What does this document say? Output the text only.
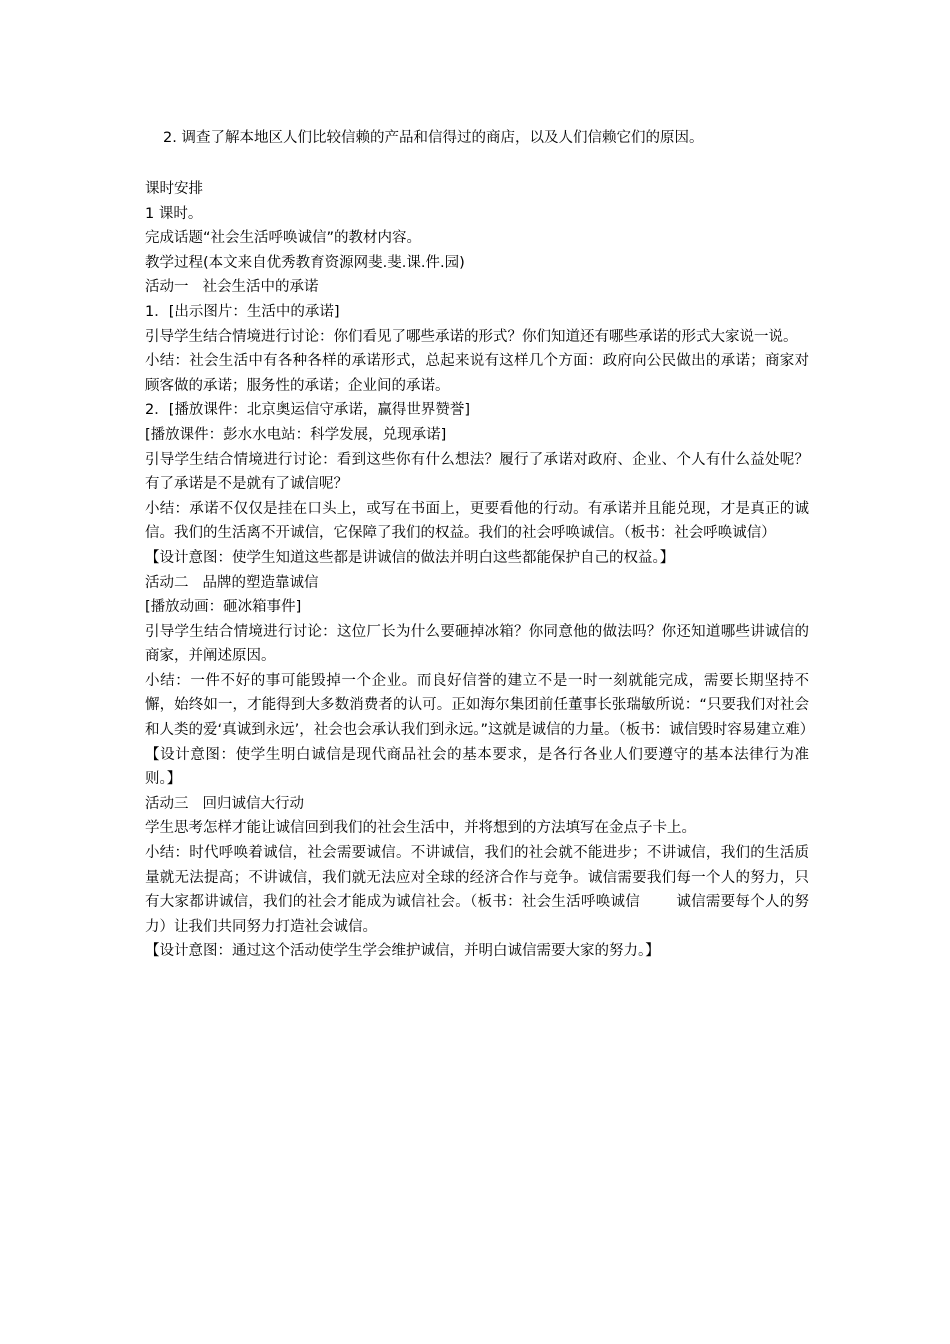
2. 调查了解本地区人们比较信赖的产品和信得过的商店，以及人们信赖它们的原因。

课时安排

1 课时。

完成话题“社会生活呼唤诚信”的教材内容。

教学过程(本文来自优秀教育资源网斐.斐.课.件.园)

活动一 社会生活中的承诺

1．[出示图片：生活中的承诺]

引导学生结合情境进行讨论：你们看见了哪些承诺的形式？你们知道还有哪些承诺的形式大家说一说。

小结：社会生活中有各种各样的承诺形式，总起来说有这样几个方面：政府向公民做出的承诺；商家对顾客做的承诺；服务性的承诺；企业间的承诺。

2．[播放课件：北京奥运信守承诺，赢得世界赞誉]

[播放课件：彭水水电站：科学发展，兑现承诺]

引导学生结合情境进行讨论：看到这些你有什么想法？履行了承诺对政府、企业、个人有什么益处呢？有了承诺是不是就有了诚信呢？

小结：承诺不仅仅是挂在口头上，或写在书面上，更要看他的行动。有承诺并且能兑现，才是真正的诚信。我们的生活离不开诚信，它保障了我们的权益。我们的社会呼唤诚信。（板书：社会呼唤诚信）

【设计意图：使学生知道这些都是讲诚信的做法并明白这些都能保护自己的权益。】

活动二 品牌的塑造靠诚信

[播放动画：砸冰箱事件]

引导学生结合情境进行讨论：这位厂长为什么要砸掉冰箱？你同意他的做法吗？你还知道哪些讲诚信的商家，并阐述原因。

小结：一件不好的事可能毁掉一个企业。而良好信誉的建立不是一时一刻就能完成，需要长期坚持不懈，始终如一，才能得到大多数消费者的认可。正如海尔集团前任董事长张瑞敏所说：“只要我们对社会和人类的爱‘真诚到永远’，社会也会承认我们到永远。”这就是诚信的力量。（板书：诚信毁时容易建立难）

【设计意图：使学生明白诚信是现代商品社会的基本要求，是各行各业人们要遵守的基本法律行为准则。】

活动三 回归诚信大行动

学生思考怎样才能让诚信回到我们的社会生活中，并将想到的方法填写在金点子卡上。

小结：时代呼唤着诚信，社会需要诚信。不讲诚信，我们的社会就不能进步；不讲诚信，我们的生活质量就无法提高；不讲诚信，我们就无法应对全球的经济合作与竞争。诚信需要我们每一个人的努力，只有大家都讲诚信，我们的社会才能成为诚信社会。（板书：社会生活呼唤诚信 诚信需要每个人的努力）让我们共同努力打造社会诚信。

【设计意图：通过这个活动使学生学会维护诚信，并明白诚信需要大家的努力。】
